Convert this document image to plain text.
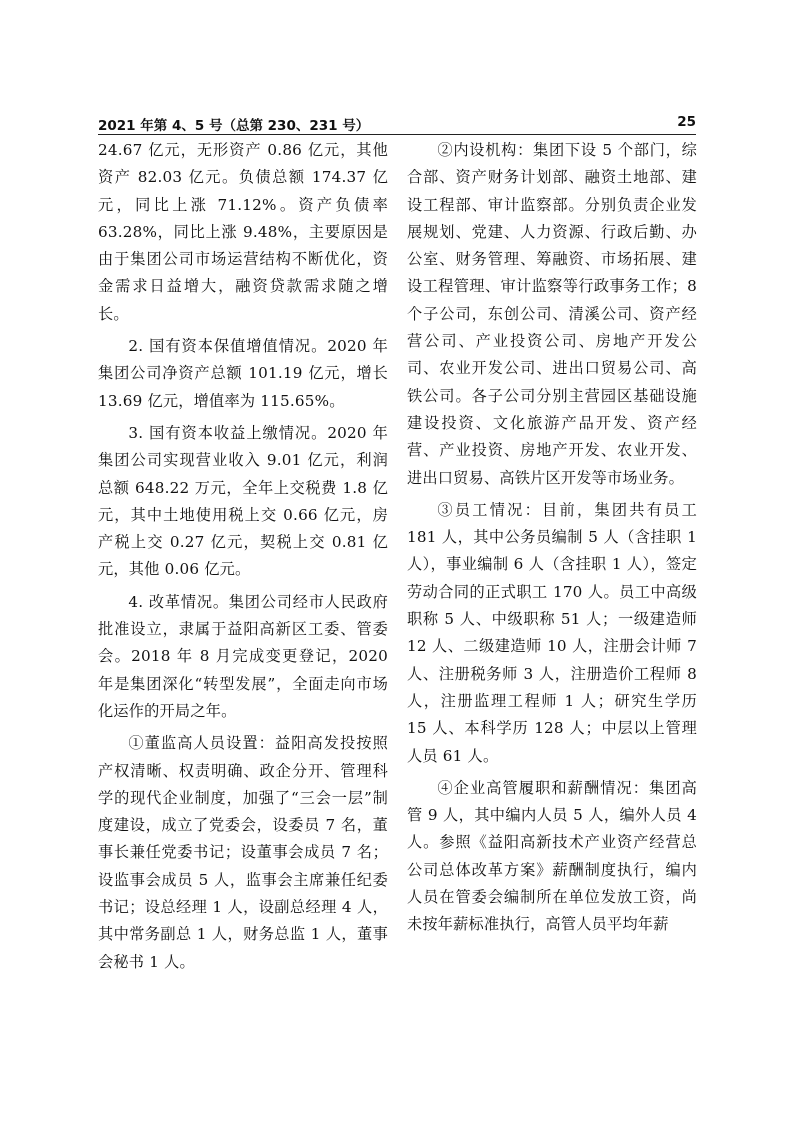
2021 年第 4、5 号（总第 230、231 号）	25

24.67 亿元，无形资产 0.86 亿元，其他资产 82.03 亿元。负债总额 174.37 亿元，同比上涨 71.12%。资产负债率 63.28%，同比上涨 9.48%，主要原因是由于集团公司市场运营结构不断优化，资金需求日益增大，融资贷款需求随之增长。

2. 国有资本保值增值情况。2020 年集团公司净资产总额 101.19 亿元，增长 13.69 亿元，增值率为 115.65%。

3. 国有资本收益上缴情况。2020 年集团公司实现营业收入 9.01 亿元，利润总额 648.22 万元，全年上交税费 1.8 亿元，其中土地使用税上交 0.66 亿元，房产税上交 0.27 亿元，契税上交 0.81 亿元，其他 0.06 亿元。

4. 改革情况。集团公司经市人民政府批准设立，隶属于益阳高新区工委、管委会。2018 年 8 月完成变更登记，2020 年是集团深化“转型发展”，全面走向市场化运作的开局之年。

①董监高人员设置：益阳高发投按照产权清晰、权责明确、政企分开、管理科学的现代企业制度，加强了“三会一层”制度建设，成立了党委会，设委员 7 名，董事长兼任党委书记；设董事会成员 7 名；设监事会成员 5 人，监事会主席兼任纪委书记；设总经理 1 人，设副总经理 4 人，其中常务副总 1 人，财务总监 1 人，董事会秘书 1 人。

②内设机构：集团下设 5 个部门，综合部、资产财务计划部、融资土地部、建设工程部、审计监察部。分别负责企业发展规划、党建、人力资源、行政后勤、办公室、财务管理、筹融资、市场拓展、建设工程管理、审计监察等行政事务工作；8 个子公司，东创公司、清溪公司、资产经营公司、产业投资公司、房地产开发公司、农业开发公司、进出口贸易公司、高铁公司。各子公司分别主营园区基础设施建设投资、文化旅游产品开发、资产经营、产业投资、房地产开发、农业开发、进出口贸易、高铁片区开发等市场业务。

③员工情况：目前，集团共有员工 181 人，其中公务员编制 5 人（含挂职 1 人），事业编制 6 人（含挂职 1 人），签定劳动合同的正式职工 170 人。员工中高级职称 5 人、中级职称 51 人；一级建造师 12 人、二级建造师 10 人，注册会计师 7 人、注册税务师 3 人，注册造价工程师 8 人，注册监理工程师 1 人；研究生学历 15 人、本科学历 128 人；中层以上管理人员 61 人。

④企业高管履职和薪酬情况：集团高管 9 人，其中编内人员 5 人，编外人员 4 人。参照《益阳高新技术产业资产经营总公司总体改革方案》薪酬制度执行，编内人员在管委会编制所在单位发放工资，尚未按年薪标准执行，高管人员平均年薪
